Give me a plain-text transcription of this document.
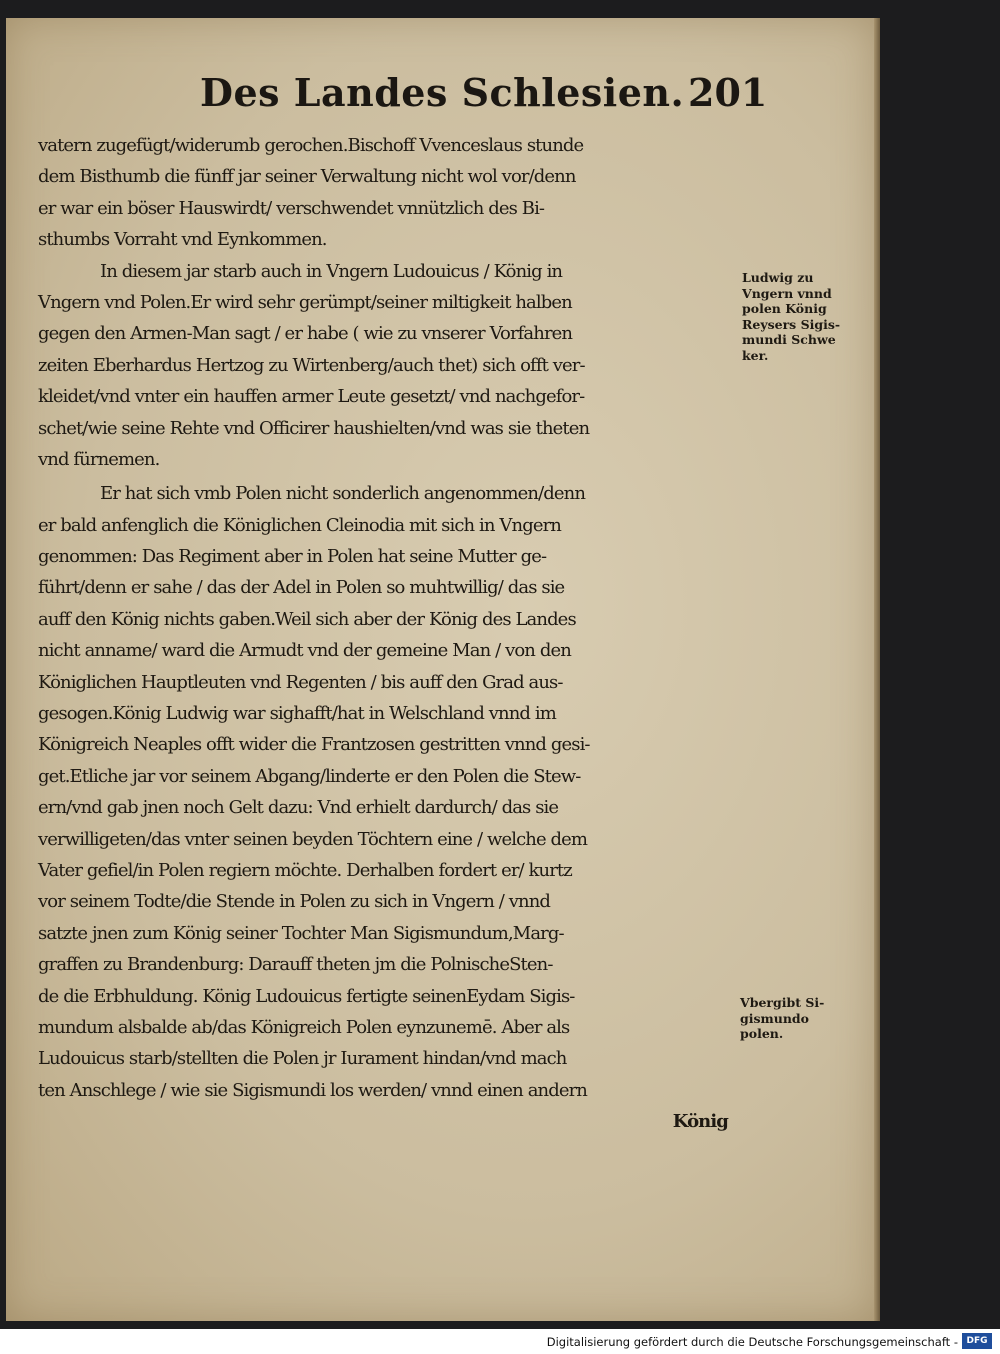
Des Landes Schlesien. 201
vatern zugefügt/widerumb gerochen.Bischoff Vvenceslaus stunde
dem Bisthumb die fünff jar seiner Verwaltung nicht wol vor/denn
er war ein böser Hauswirdt/ verschwendet vnnützlich des Bi-
sthumbs Vorraht vnd Eynkommen.
In diesem jar starb auch in Vngern Ludouicus / König in
Vngern vnd Polen.Er wird sehr gerümpt/seiner miltigkeit halben
gegen den Armen-Man sagt / er habe ( wie zu vnserer Vorfahren
zeiten Eberhardus Hertzog zu Wirtenberg/auch thet) sich offt ver-
kleidet/vnd vnter ein hauffen armer Leute gesetzt/ vnd nachgefor-
schet/wie seine Rehte vnd Officirer haushielten/vnd was sie theten
vnd fürnemen.
Er hat sich vmb Polen nicht sonderlich angenommen/denn
er bald anfenglich die Königlichen Cleinodia mit sich in Vngern
genommen: Das Regiment aber in Polen hat seine Mutter ge-
führt/denn er sahe / das der Adel in Polen so muhtwillig/ das sie
auff den König nichts gaben.Weil sich aber der König des Landes
nicht anname/ ward die Armudt vnd der gemeine Man / von den
Königlichen Hauptleuten vnd Regenten / bis auff den Grad aus-
gesogen.König Ludwig war sighafft/hat in Welschland vnnd im
Königreich Neaples offt wider die Frantzosen gestritten vnnd gesi-
get.Etliche jar vor seinem Abgang/linderte er den Polen die Stew-
ern/vnd gab jnen noch Gelt dazu: Vnd erhielt dardurch/ das sie
verwilligeten/das vnter seinen beyden Töchtern eine / welche dem
Vater gefiel/in Polen regiern möchte. Derhalben fordert er/ kurtz
vor seinem Todte/die Stende in Polen zu sich in Vngern / vnnd
satzte jnen zum König seiner Tochter Man Sigismundum,Marg-
graffen zu Brandenburg: Darauff theten jm die PolnischeSten-
de die Erbhuldung. König Ludouicus fertigte seinenEydam Sigis-
mundum alsbalde ab/das Königreich Polen eynzunemē. Aber als
Ludouicus starb/stellten die Polen jr Iurament hindan/vnd mach
ten Anschlege / wie sie Sigismundi los werden/ vnnd einen andern
König
Ludwig zu
Vngern vnnd
polen König
Reysers Sigis-
mundi Schwe
ker.
Vbergibt Si-
gismundo
polen.
Digitalisierung gefördert durch die Deutsche Forschungsgemeinschaft - DFG
